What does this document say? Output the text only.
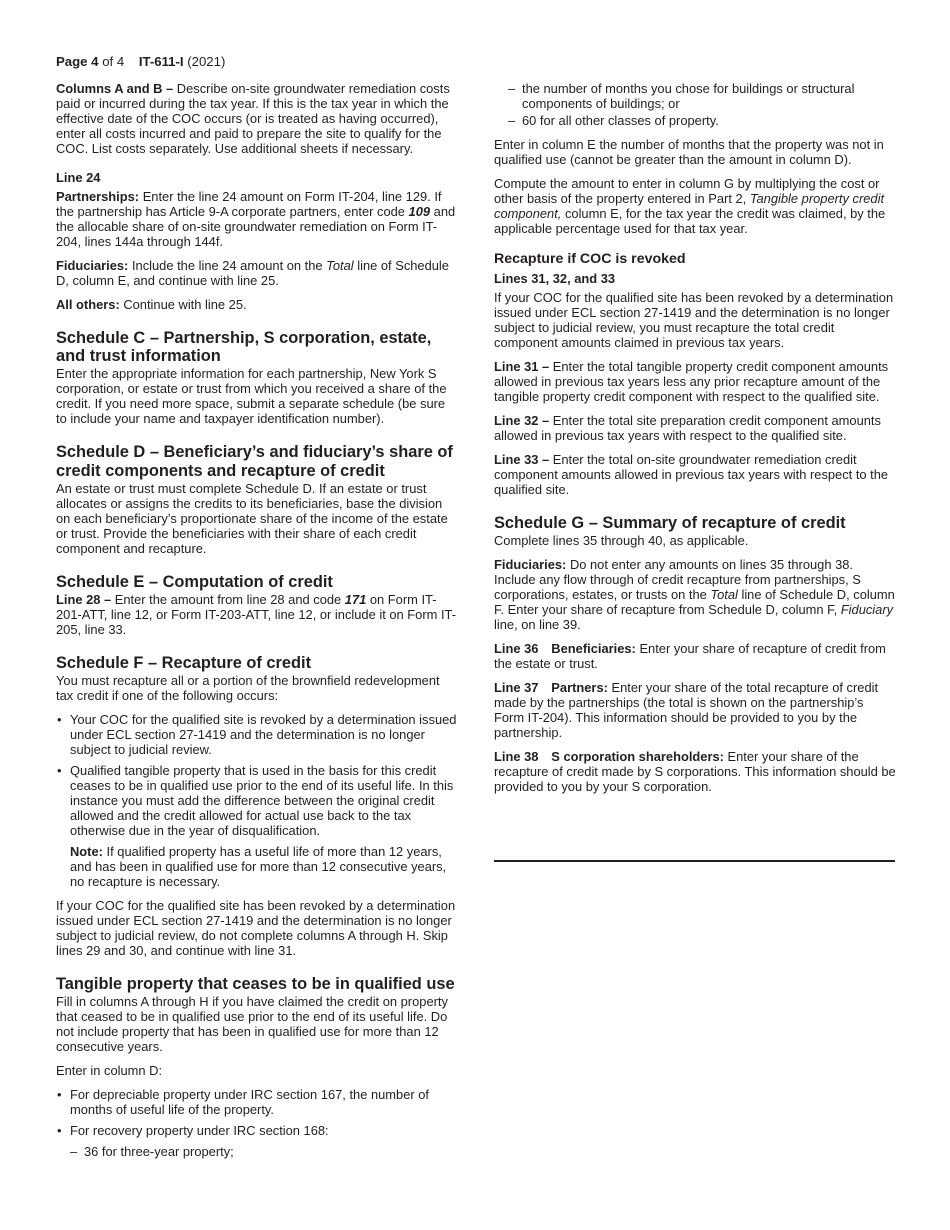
Page 4 of 4 IT-611-I (2021)

Columns A and B – Describe on-site groundwater remediation costs paid or incurred during the tax year. If this is the tax year in which the effective date of the COC occurs (or is treated as having occurred), enter all costs incurred and paid to prepare the site to qualify for the COC. List costs separately. Use additional sheets if necessary.

Line 24

Partnerships: Enter the line 24 amount on Form IT-204, line 129. If the partnership has Article 9-A corporate partners, enter code 109 and the allocable share of on-site groundwater remediation on Form IT-204, lines 144a through 144f.

Fiduciaries: Include the line 24 amount on the Total line of Schedule D, column E, and continue with line 25.

All others: Continue with line 25.

Schedule C – Partnership, S corporation, estate, and trust information

Enter the appropriate information for each partnership, New York S corporation, or estate or trust from which you received a share of the credit. If you need more space, submit a separate schedule (be sure to include your name and taxpayer identification number).

Schedule D – Beneficiary’s and fiduciary’s share of credit components and recapture of credit

An estate or trust must complete Schedule D. If an estate or trust allocates or assigns the credits to its beneficiaries, base the division on each beneficiary’s proportionate share of the income of the estate or trust. Provide the beneficiaries with their share of each credit component and recapture.

Schedule E – Computation of credit

Line 28 – Enter the amount from line 28 and code 171 on Form IT-201-ATT, line 12, or Form IT-203-ATT, line 12, or include it on Form IT-205, line 33.

Schedule F – Recapture of credit

You must recapture all or a portion of the brownfield redevelopment tax credit if one of the following occurs:

• Your COC for the qualified site is revoked by a determination issued under ECL section 27-1419 and the determination is no longer subject to judicial review.
• Qualified tangible property that is used in the basis for this credit ceases to be in qualified use prior to the end of its useful life. In this instance you must add the difference between the original credit allowed and the credit allowed for actual use back to the tax otherwise due in the year of disqualification.

Note: If qualified property has a useful life of more than 12 years, and has been in qualified use for more than 12 consecutive years, no recapture is necessary.

If your COC for the qualified site has been revoked by a determination issued under ECL section 27-1419 and the determination is no longer subject to judicial review, do not complete columns A through H. Skip lines 29 and 30, and continue with line 31.

Tangible property that ceases to be in qualified use

Fill in columns A through H if you have claimed the credit on property that ceased to be in qualified use prior to the end of its useful life. Do not include property that has been in qualified use for more than 12 consecutive years.

Enter in column D:

• For depreciable property under IRC section 167, the number of months of useful life of the property.
• For recovery property under IRC section 168:
– 36 for three-year property;
– the number of months you chose for buildings or structural components of buildings; or
– 60 for all other classes of property.

Enter in column E the number of months that the property was not in qualified use (cannot be greater than the amount in column D).

Compute the amount to enter in column G by multiplying the cost or other basis of the property entered in Part 2, Tangible property credit component, column E, for the tax year the credit was claimed, by the applicable percentage used for that tax year.

Recapture if COC is revoked
Lines 31, 32, and 33

If your COC for the qualified site has been revoked by a determination issued under ECL section 27-1419 and the determination is no longer subject to judicial review, you must recapture the total credit component amounts claimed in previous tax years.

Line 31 – Enter the total tangible property credit component amounts allowed in previous tax years less any prior recapture amount of the tangible property credit component with respect to the qualified site.

Line 32 – Enter the total site preparation credit component amounts allowed in previous tax years with respect to the qualified site.

Line 33 – Enter the total on-site groundwater remediation credit component amounts allowed in previous tax years with respect to the qualified site.

Schedule G – Summary of recapture of credit

Complete lines 35 through 40, as applicable.

Fiduciaries: Do not enter any amounts on lines 35 through 38. Include any flow through of credit recapture from partnerships, S corporations, estates, or trusts on the Total line of Schedule D, column F. Enter your share of recapture from Schedule D, column F, Fiduciary line, on line 39.

Line 36 Beneficiaries: Enter your share of recapture of credit from the estate or trust.

Line 37 Partners: Enter your share of the total recapture of credit made by the partnerships (the total is shown on the partnership’s Form IT-204). This information should be provided to you by the partnership.

Line 38 S corporation shareholders: Enter your share of the recapture of credit made by S corporations. This information should be provided to you by your S corporation.
